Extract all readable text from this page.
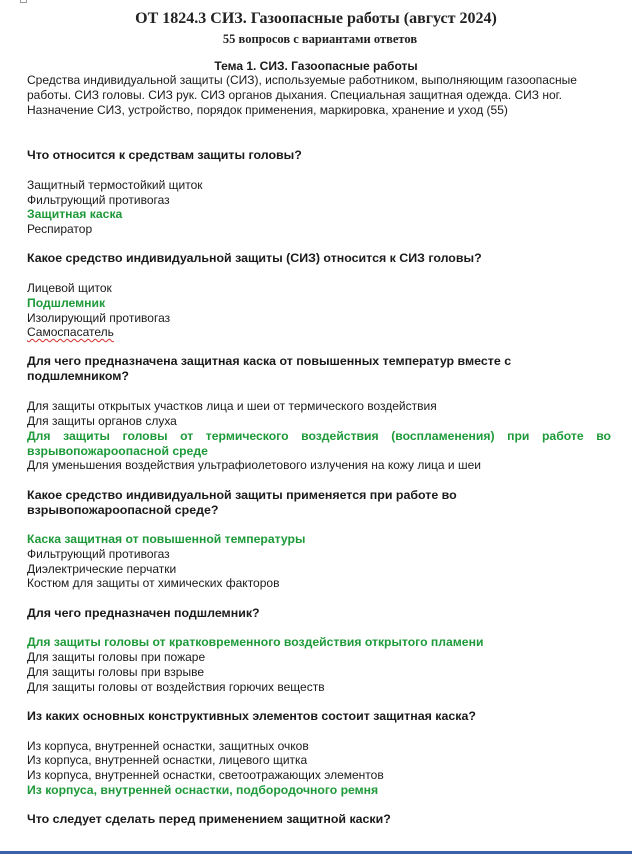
ОТ 1824.3 СИЗ. Газоопасные работы (август 2024)
55 вопросов с вариантами ответов
Тема 1. СИЗ. Газоопасные работы

Средства индивидуальной защиты (СИЗ), используемые работником, выполняющим газоопасные работы. СИЗ головы. СИЗ рук. СИЗ органов дыхания. Специальная защитная одежда. СИЗ ног. Назначение СИЗ, устройство, порядок применения, маркировка, хранение и уход (55)

Что относится к средствам защиты головы?

Защитный термостойкий щиток

Фильтрующий противогаз

Защитная каска

Респиратор

Какое средство индивидуальной защиты (СИЗ) относится к СИЗ головы?

Лицевой щиток

Подшлемник

Изолирующий противогаз

Самоспасатель

Для чего предназначена защитная каска от повышенных температур вместе с подшлемником?

Для защиты открытых участков лица и шеи от термического воздействия

Для защиты органов слуха

Для защиты головы от термического воздействия (воспламенения) при работе во взрывопожароопасной среде

Для уменьшения воздействия ультрафиолетового излучения на кожу лица и шеи

Какое средство индивидуальной защиты применяется при работе во взрывопожароопасной среде?

Каска защитная от повышенной температуры

Фильтрующий противогаз

Диэлектрические перчатки

Костюм для защиты от химических факторов

Для чего предназначен подшлемник?

Для защиты головы от кратковременного воздействия открытого пламени

Для защиты головы при пожаре

Для защиты головы при взрыве

Для защиты головы от воздействия горючих веществ

Из каких основных конструктивных элементов состоит защитная каска?

Из корпуса, внутренней оснастки, защитных очков

Из корпуса, внутренней оснастки, лицевого щитка

Из корпуса, внутренней оснастки, светоотражающих элементов

Из корпуса, внутренней оснастки, подбородочного ремня

Что следует сделать перед применением защитной каски?
